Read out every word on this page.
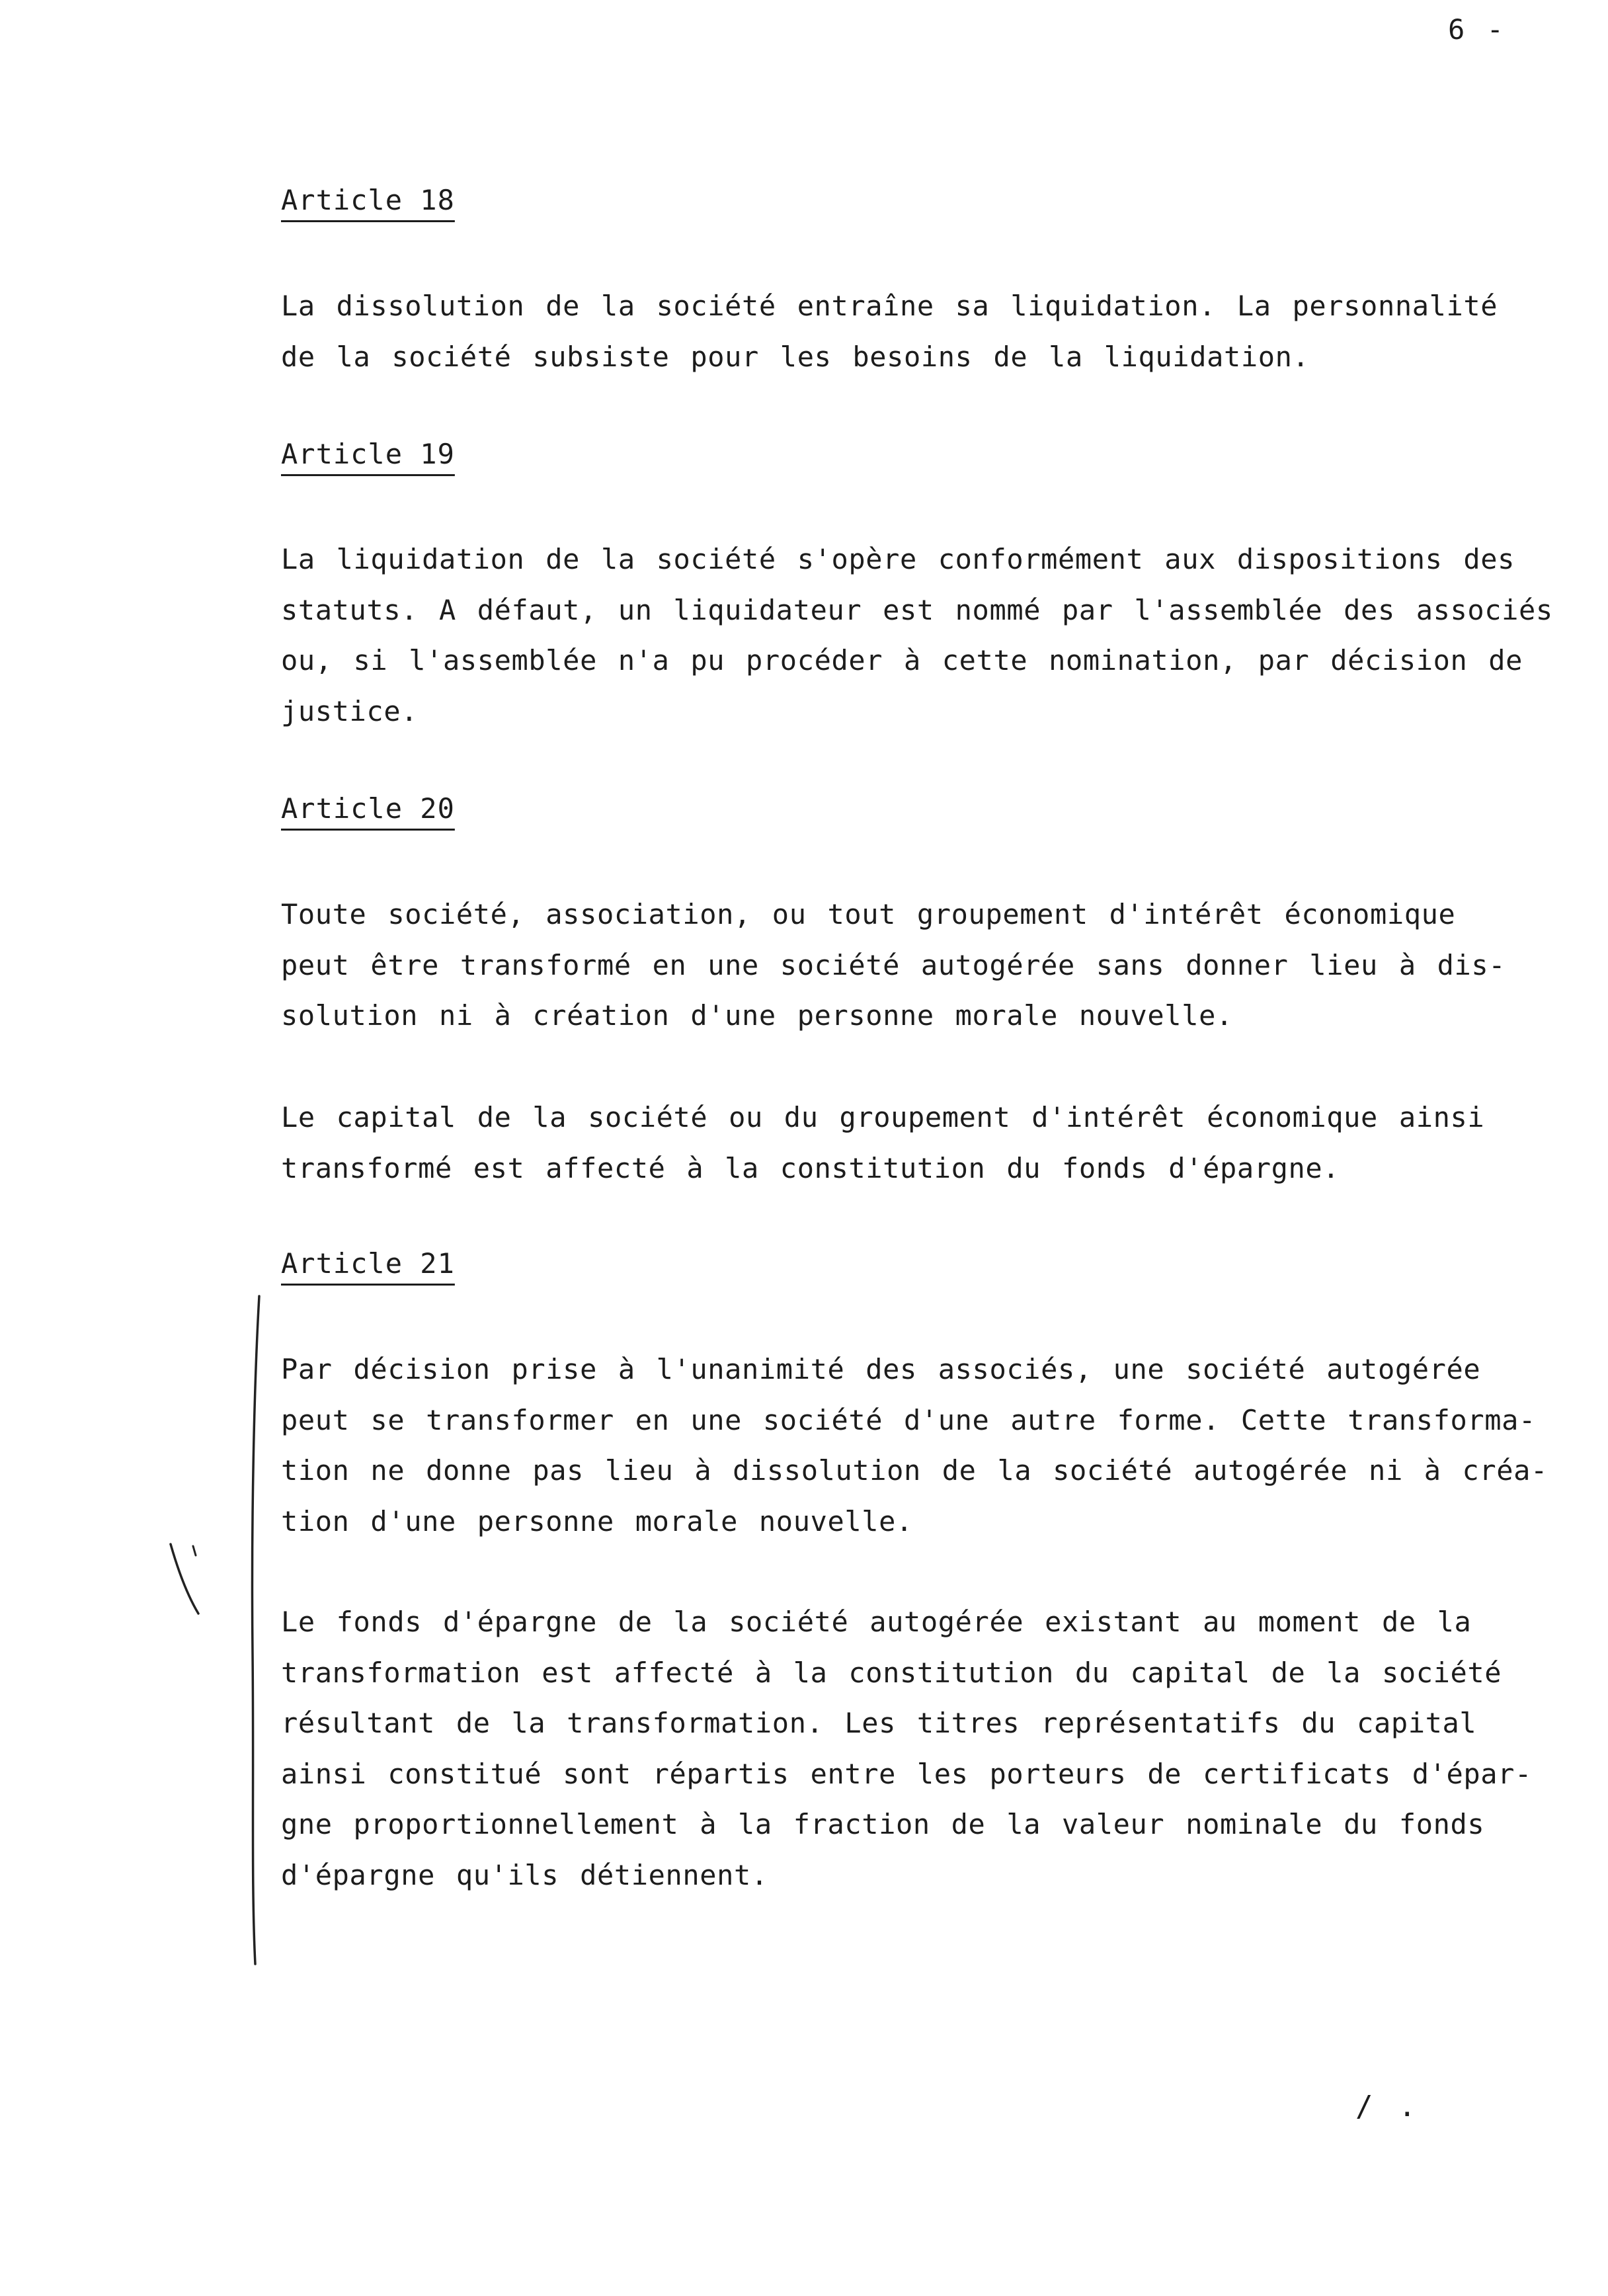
6 -
Article 18

La dissolution de la société entraîne sa liquidation. La personnalité
de la société subsiste pour les besoins de la liquidation.

Article 19

La liquidation de la société s'opère conformément aux dispositions des
statuts. A défaut, un liquidateur est nommé par l'assemblée des associés
ou, si l'assemblée n'a pu procéder à cette nomination, par décision de
justice.

Article 20

Toute société, association, ou tout groupement d'intérêt économique
peut être transformé en une société autogérée sans donner lieu à dis-
solution ni à création d'une personne morale nouvelle.

Le capital de la société ou du groupement d'intérêt économique ainsi
transformé est affecté à la constitution du fonds d'épargne.

Article 21

Par décision prise à l'unanimité des associés, une société autogérée
peut se transformer en une société d'une autre forme. Cette transforma-
tion ne donne pas lieu à dissolution de la société autogérée ni à créa-
tion d'une personne morale nouvelle.

Le fonds d'épargne de la société autogérée existant au moment de la
transformation est affecté à la constitution du capital de la société
résultant de la transformation. Les titres représentatifs du capital
ainsi constitué sont répartis entre les porteurs de certificats d'épar-
gne proportionnellement à la fraction de la valeur nominale du fonds
d'épargne qu'ils détiennent.

/ .
